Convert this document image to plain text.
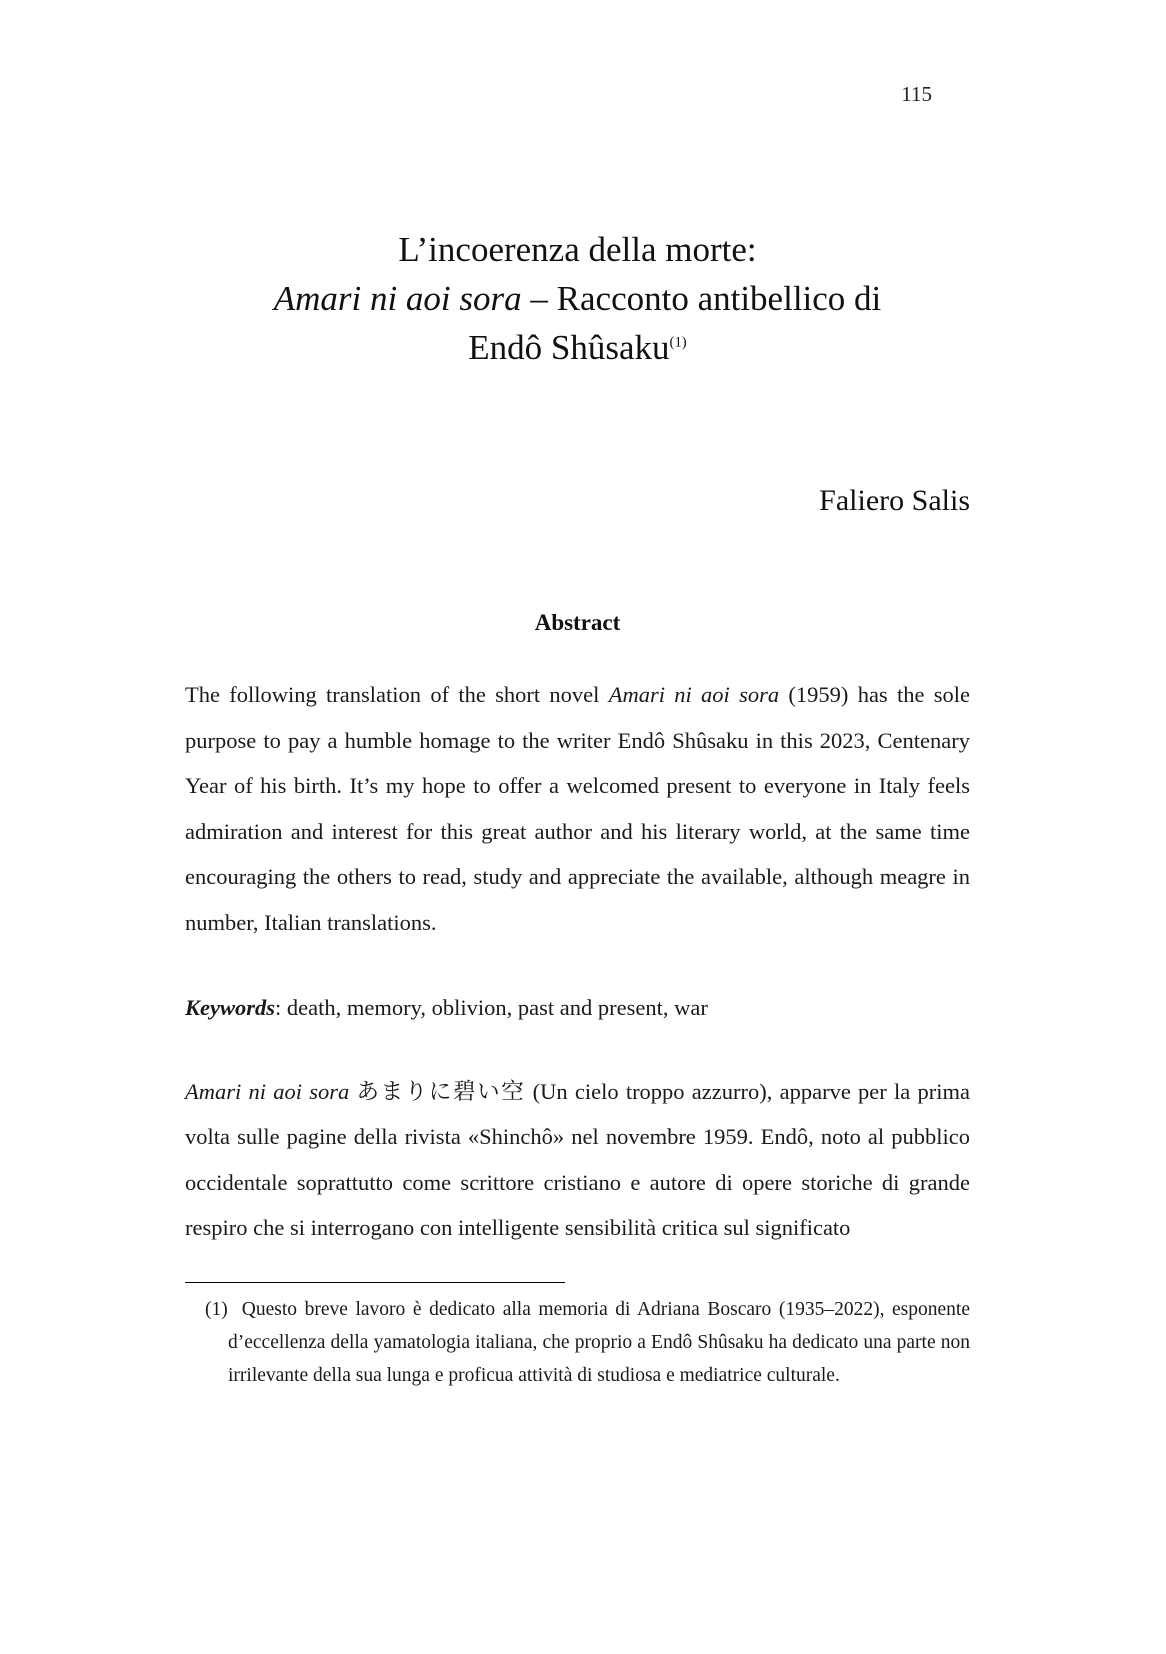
115
L’incoerenza della morte:
Amari ni aoi sora – Racconto antibellico di
Endô Shûsaku$^{(1)}$
Faliero Salis
Abstract

The following translation of the short novel Amari ni aoi sora (1959) has the sole purpose to pay a humble homage to the writer Endô Shûsaku in this 2023, Centenary Year of his birth. It’s my hope to offer a welcomed present to everyone in Italy feels admiration and interest for this great author and his literary world, at the same time encouraging the others to read, study and appreciate the available, although meagre in number, Italian translations.

Keywords: death, memory, oblivion, past and present, war

Amari ni aoi sora あまりに碧い空 (Un cielo troppo azzurro), apparve per la prima volta sulle pagine della rivista «Shinchô» nel novembre 1959. Endô, noto al pubblico occidentale soprattutto come scrittore cristiano e autore di opere storiche di grande respiro che si interrogano con intelligente sensibilità critica sul significato

(1) Questo breve lavoro è dedicato alla memoria di Adriana Boscaro (1935–2022), esponente d’eccellenza della yamatologia italiana, che proprio a Endô Shûsaku ha dedicato una parte non irrilevante della sua lunga e proficua attività di studiosa e mediatrice culturale.
